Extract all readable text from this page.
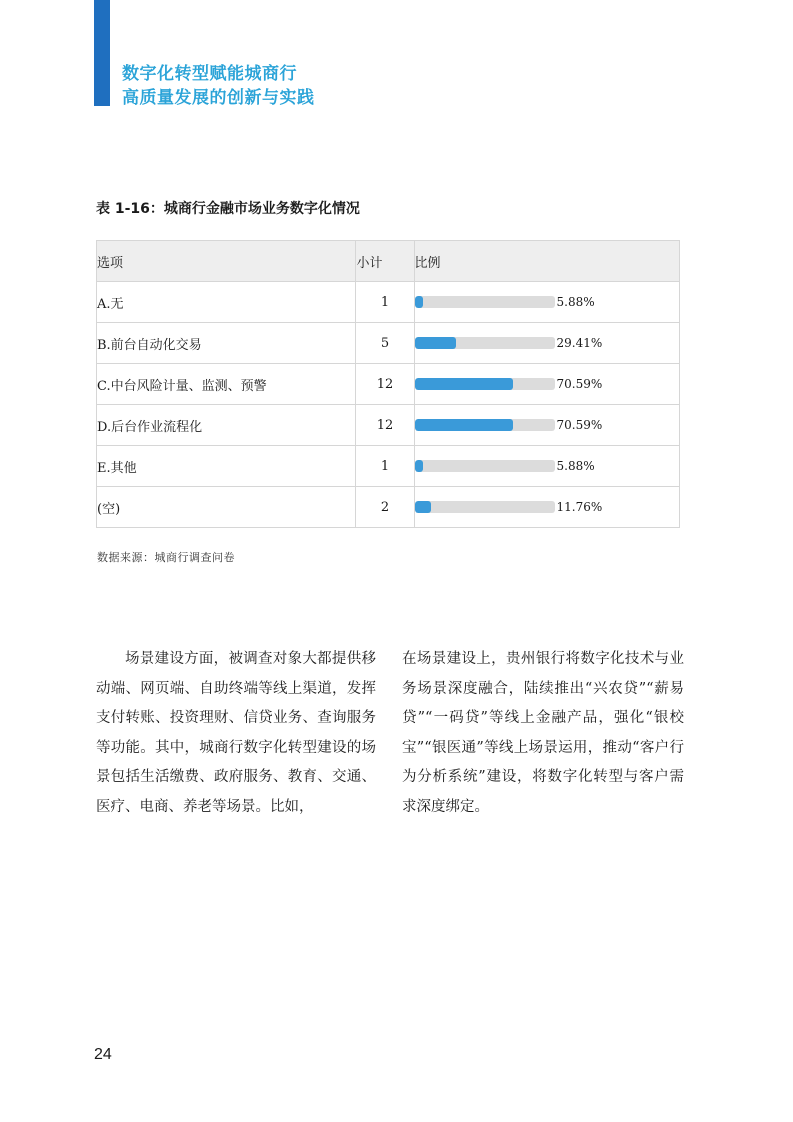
数字化转型赋能城商行
高质量发展的创新与实践
表 1-16：城商行金融市场业务数字化情况
选项	小计	比例
A.无	1	5.88%

B.前台自动化交易	5	29.41%

C.中台风险计量、监测、预警	12	70.59%

D.后台作业流程化	12	70.59%

E.其他	1	5.88%

(空)	2	11.76%
数据来源：城商行调查问卷
场景建设方面，被调查对象大都提供移动端、网页端、自助终端等线上渠道，发挥支付转账、投资理财、信贷业务、查询服务等功能。其中，城商行数字化转型建设的场景包括生活缴费、政府服务、教育、交通、医疗、电商、养老等场景。比如，
在场景建设上，贵州银行将数字化技术与业务场景深度融合，陆续推出“兴农贷”“薪易贷”“一码贷”等线上金融产品，强化“银校宝”“银医通”等线上场景运用，推动“客户行为分析系统”建设，将数字化转型与客户需求深度绑定。
24
